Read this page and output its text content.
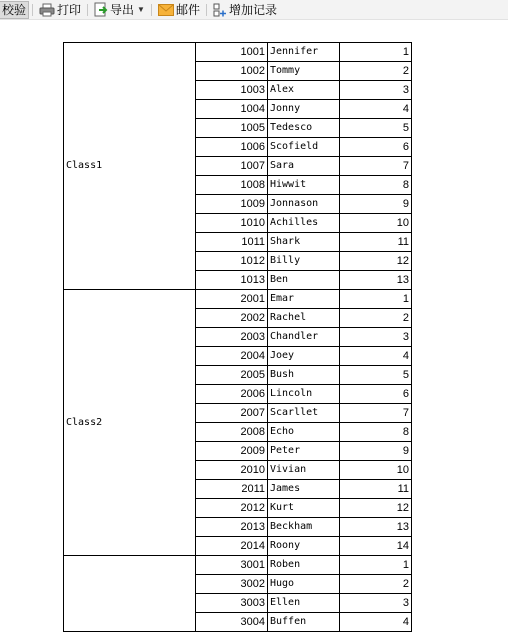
校验	打印 导出 ▼	邮件 增加记录
Class1	1001	Jennifer	1
	1002	Tommy	2
	1003	Alex	3
	1004	Jonny	4
	1005	Tedesco	5
	1006	Scofield	6
	1007	Sara	7
	1008	Hiwwit	8
	1009	Jonnason	9
	1010	Achilles	10
	1011	Shark	11
	1012	Billy	12
	1013	Ben	13
Class2	2001	Emar	1
	2002	Rachel	2
	2003	Chandler	3
	2004	Joey	4
	2005	Bush	5
	2006	Lincoln	6
	2007	Scarllet	7
	2008	Echo	8
	2009	Peter	9
	2010	Vivian	10
	2011	James	11
	2012	Kurt	12
	2013	Beckham	13
	2014	Roony	14
	3001	Roben	1
	3002	Hugo	2
	3003	Ellen	3
	3004	Buffen	4
